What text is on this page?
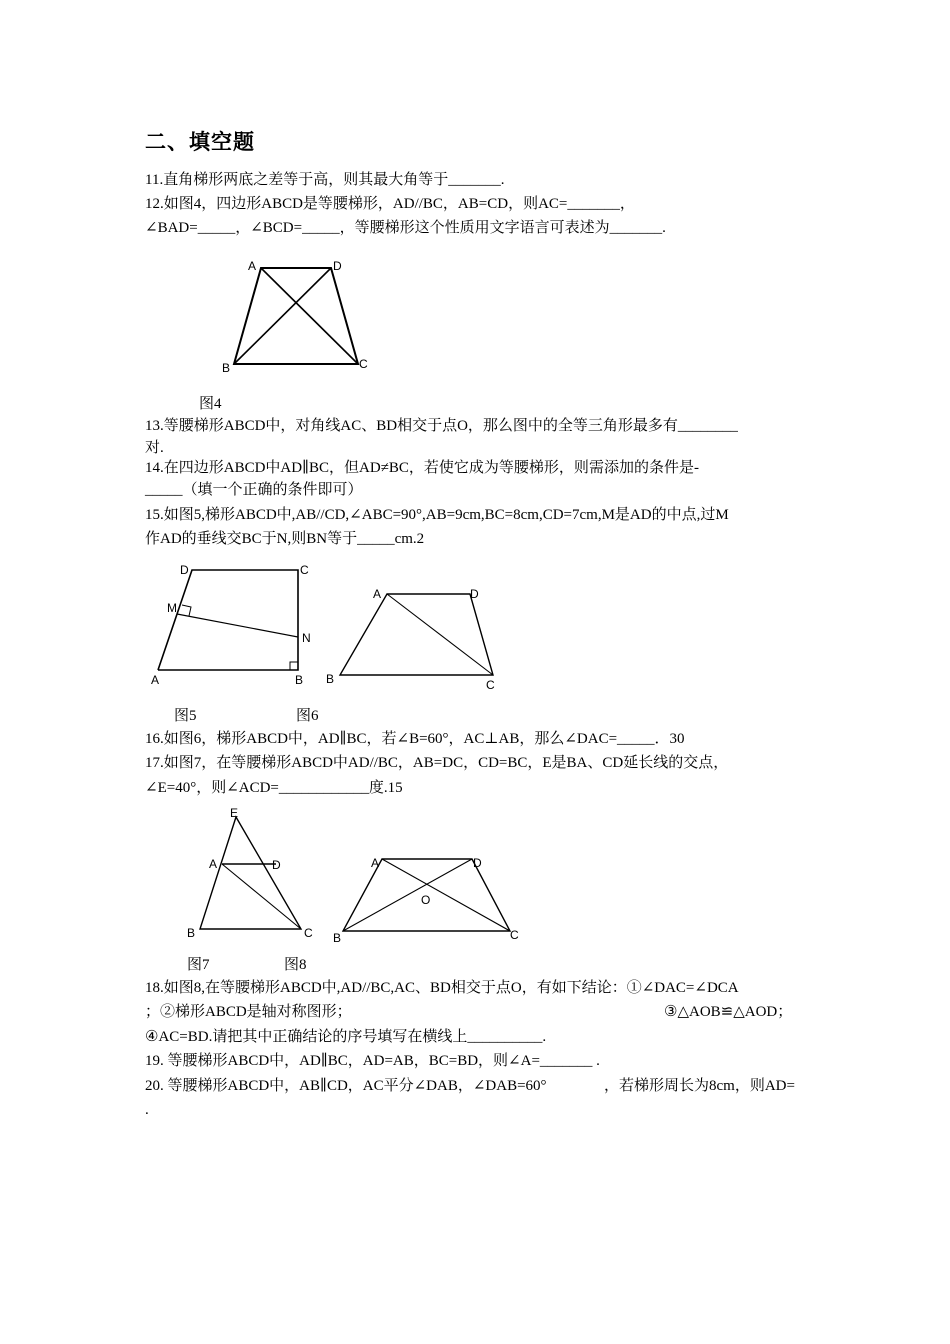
二、填空题
11.直角梯形两底之差等于高，则其最大角等于_______.
12.如图4，四边形ABCD是等腰梯形，AD//BC，AB=CD，则AC=_______，
∠BAD=_____，∠BCD=_____，等腰梯形这个性质用文字语言可表述为_______.
A	D
B	C
图4
13.等腰梯形ABCD中，对角线AC、BD相交于点O，那么图中的全等三角形最多有________
对.
14.在四边形ABCD中AD∥BC，但AD≠BC，若使它成为等腰梯形，则需添加的条件是-
_____（填一个正确的条件即可）
15.如图5,梯形ABCD中,AB//CD,∠ABC=90°,AB=9cm,BC=8cm,CD=7cm,M是AD的中点,过M
作AD的垂线交BC于N,则BN等于_____cm.2
D	C
M
N
A	B
A	D
B	C
图5	图6
16.如图6，梯形ABCD中，AD∥BC，若∠B=60°，AC⊥AB，那么∠DAC=_____．30
17.如图7，在等腰梯形ABCD中AD//BC，AB=DC，CD=BC，E是BA、CD延长线的交点，
∠E=40°，则∠ACD=____________度.15
E
A	D
B	C
A	D
O
B	C
图7	图8
18.如图8,在等腰梯形ABCD中,AD//BC,AC、BD相交于点O，有如下结论：①∠DAC=∠DCA
；②梯形ABCD是轴对称图形；	③△AOB≌△AOD；
④AC=BD.请把其中正确结论的序号填写在横线上__________.
19. 等腰梯形ABCD中，AD∥BC，AD=AB，BC=BD，则∠A=_______ .
20. 等腰梯形ABCD中，AB∥CD，AC平分∠DAB，∠DAB=60°	，若梯形周长为8cm，则AD=
.
